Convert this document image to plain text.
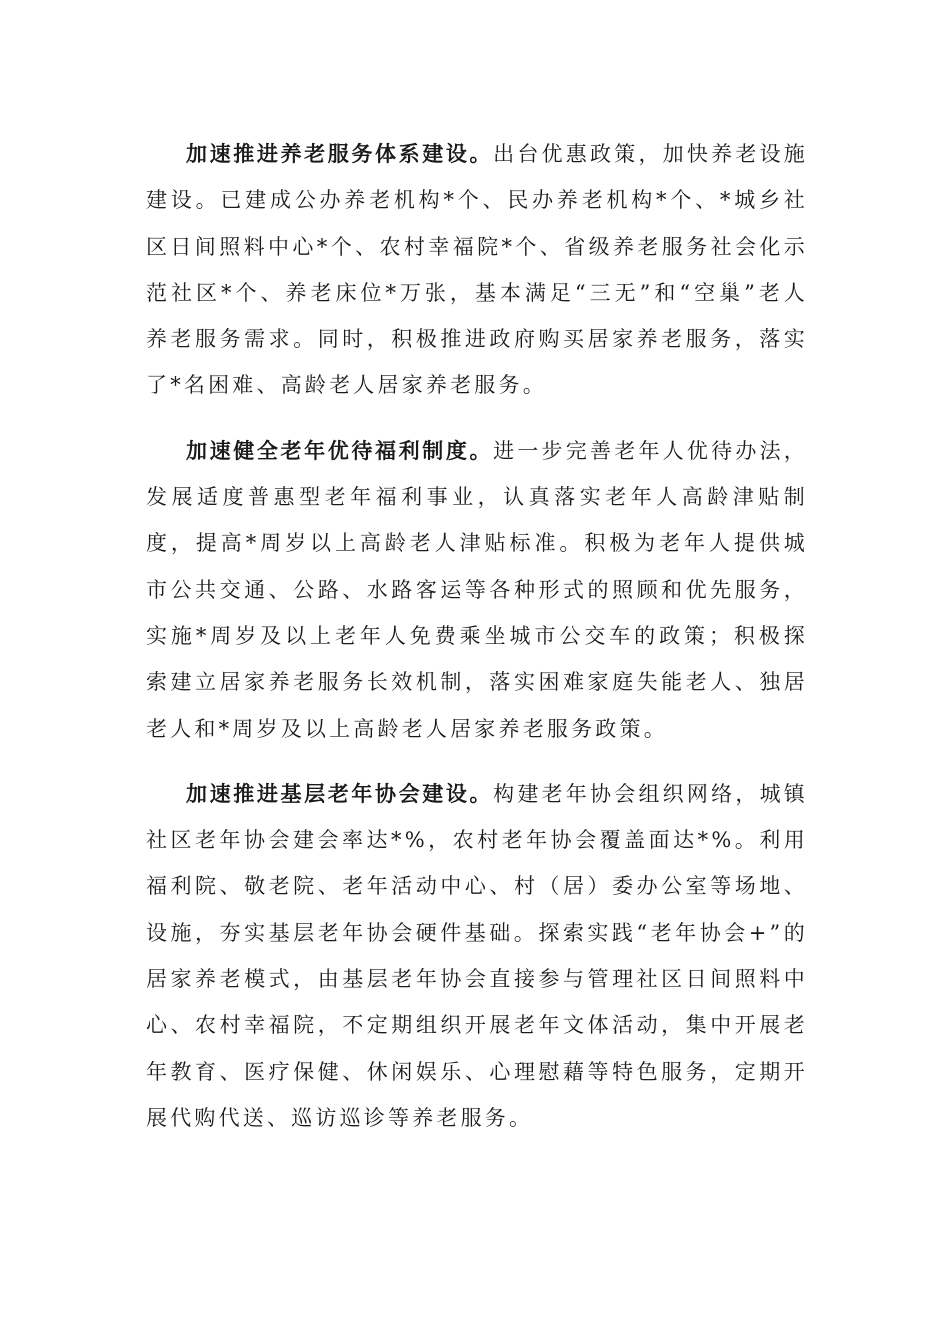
加速推进养老服务体系建设。出台优惠政策，加快养老设施建设。已建成公办养老机构*个、民办养老机构*个、*城乡社区日间照料中心*个、农村幸福院*个、省级养老服务社会化示范社区*个、养老床位*万张，基本满足“三无”和“空巢”老人养老服务需求。同时，积极推进政府购买居家养老服务，落实了*名困难、高龄老人居家养老服务。

加速健全老年优待福利制度。进一步完善老年人优待办法，发展适度普惠型老年福利事业，认真落实老年人高龄津贴制度，提高*周岁以上高龄老人津贴标准。积极为老年人提供城市公共交通、公路、水路客运等各种形式的照顾和优先服务，实施*周岁及以上老年人免费乘坐城市公交车的政策；积极探索建立居家养老服务长效机制，落实困难家庭失能老人、独居老人和*周岁及以上高龄老人居家养老服务政策。

加速推进基层老年协会建设。构建老年协会组织网络，城镇社区老年协会建会率达*%，农村老年协会覆盖面达*%。利用福利院、敬老院、老年活动中心、村（居）委办公室等场地、设施，夯实基层老年协会硬件基础。探索实践“老年协会+”的居家养老模式，由基层老年协会直接参与管理社区日间照料中心、农村幸福院，不定期组织开展老年文体活动，集中开展老年教育、医疗保健、休闲娱乐、心理慰藉等特色服务，定期开展代购代送、巡访巡诊等养老服务。
